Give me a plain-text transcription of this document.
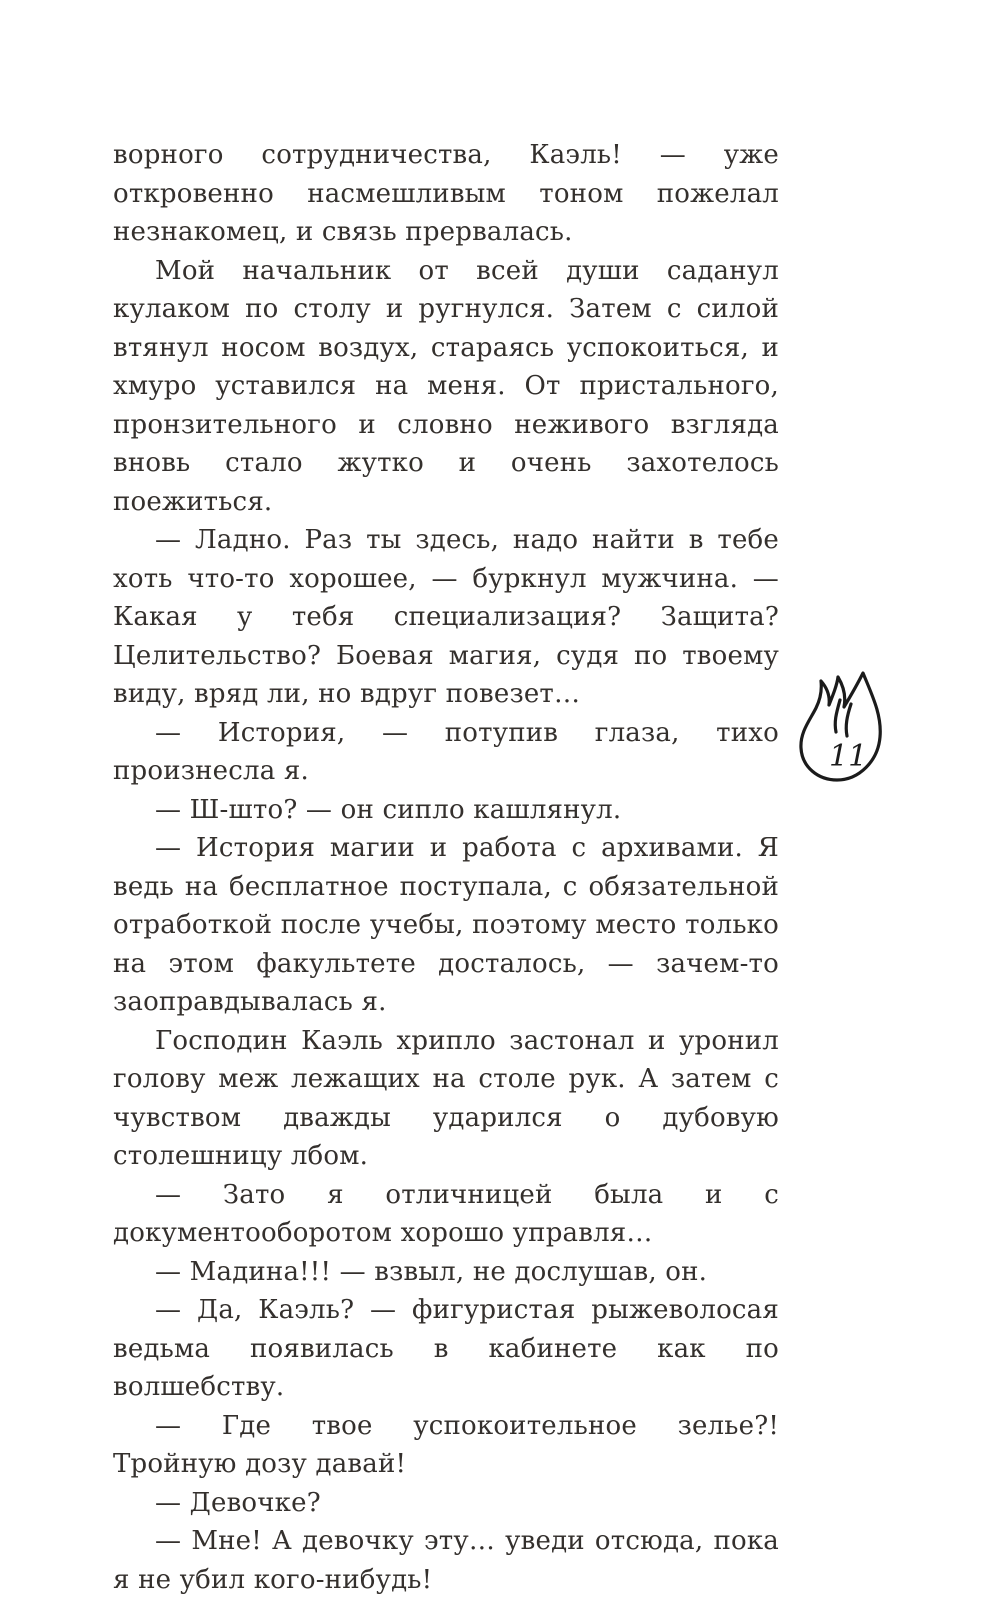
ворного сотрудничества, Каэль! — уже откровенно насмешливым тоном пожелал незнакомец, и связь прервалась.

Мой начальник от всей души саданул кулаком по столу и ругнулся. Затем с силой втянул носом воздух, стараясь успокоиться, и хмуро уставился на меня. От пристального, пронзительного и словно неживого взгляда вновь стало жутко и очень захотелось поежиться.

— Ладно. Раз ты здесь, надо найти в тебе хоть что-то хорошее, — буркнул мужчина. — Какая у тебя специализация? Защита? Целительство? Боевая магия, судя по твоему виду, вряд ли, но вдруг повезет…

— История, — потупив глаза, тихо произнесла я.

— Ш-што? — он сипло кашлянул.

— История магии и работа с архивами. Я ведь на бесплатное поступала, с обязательной отработкой после учебы, поэтому место только на этом факультете досталось, — зачем-то заоправдывалась я.

Господин Каэль хрипло застонал и уронил голову меж лежащих на столе рук. А затем с чувством дважды ударился о дубовую столешницу лбом.

— Зато я отличницей была и с документооборотом хорошо управля…

— Мадина!!! — взвыл, не дослушав, он.

— Да, Каэль? — фигуристая рыжеволосая ведьма появилась в кабинете как по волшебству.

— Где твое успокоительное зелье?! Тройную дозу давай!

— Девочке?

— Мне! А девочку эту… уведи отсюда, пока я не убил кого-нибудь!

11
